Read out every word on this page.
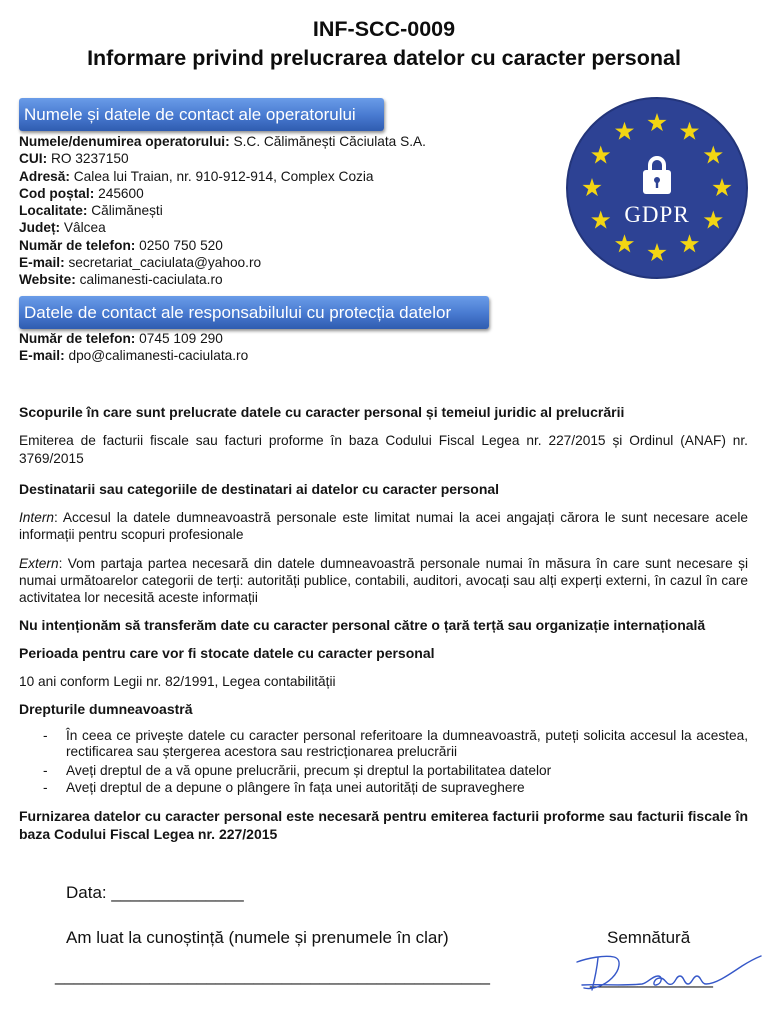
INF-SCC-0009
Informare privind prelucrarea datelor cu caracter personal
Numele și datele de contact ale operatorului
Numele/denumirea operatorului: S.C. Călimănești Căciulata S.A.
CUI: RO 3237150
Adresă: Calea lui Traian, nr. 910-912-914, Complex Cozia
Cod poștal: 245600
Localitate: Călimănești
Județ: Vâlcea
Număr de telefon: 0250 750 520
E-mail: secretariat_caciulata@yahoo.ro
Website: calimanesti-caciulata.ro
GDPR
Datele de contact ale responsabilului cu protecția datelor
Număr de telefon: 0745 109 290
E-mail: dpo@calimanesti-caciulata.ro

Scopurile în care sunt prelucrate datele cu caracter personal și temeiul juridic al prelucrării

Emiterea de facturii fiscale sau facturi proforme în baza Codului Fiscal Legea nr. 227/2015 și Ordinul (ANAF) nr. 3769/2015

Destinatarii sau categoriile de destinatari ai datelor cu caracter personal

Intern: Accesul la datele dumneavoastră personale este limitat numai la acei angajați cărora le sunt necesare acele informații pentru scopuri profesionale

Extern: Vom partaja partea necesară din datele dumneavoastră personale numai în măsura în care sunt necesare și numai următoarelor categorii de terți: autorități publice, contabili, auditori, avocați sau alți experți externi, în cazul în care activitatea lor necesită aceste informații

Nu intenționăm să transferăm date cu caracter personal către o țară terță sau organizație internațională

Perioada pentru care vor fi stocate datele cu caracter personal

10 ani conform Legii nr. 82/1991, Legea contabilității

Drepturile dumneavoastră

- În ceea ce privește datele cu caracter personal referitoare la dumneavoastră, puteți solicita accesul la acestea, rectificarea sau ștergerea acestora sau restricționarea prelucrării
- Aveți dreptul de a vă opune prelucrării, precum și dreptul la portabilitatea datelor
- Aveți dreptul de a depune o plângere în fața unei autorități de supraveghere

Furnizarea datelor cu caracter personal este necesară pentru emiterea facturii proforme sau facturii fiscale în baza Codului Fiscal Legea nr. 227/2015

Data: ______________
Am luat la cunoștință (numele și prenumele în clar)	Semnătură
______________________________________________	_____________
